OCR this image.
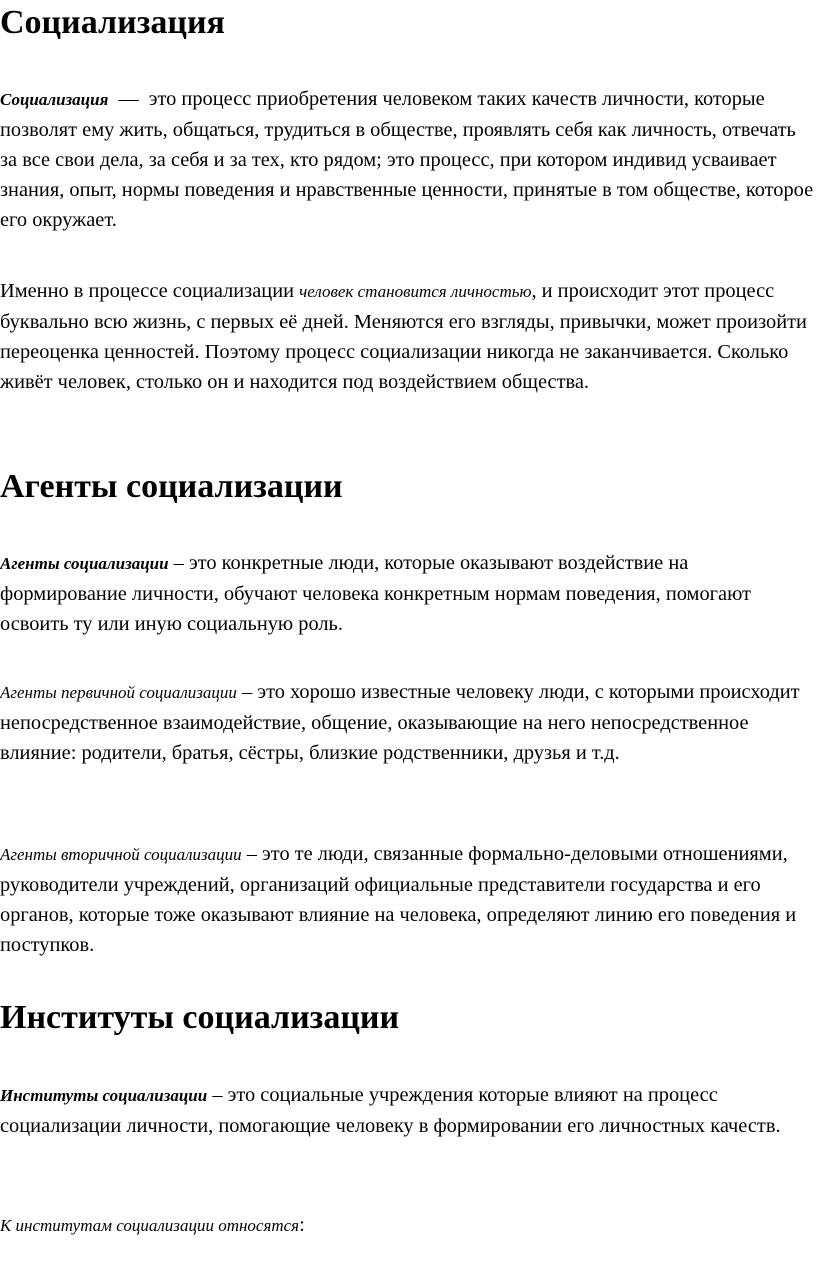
Социализация

Социализация — это процесс приобретения человеком таких качеств личности, которые позволят ему жить, общаться, трудиться в обществе, проявлять себя как личность, отвечать за все свои дела, за себя и за тех, кто рядом; это процесс, при котором индивид усваивает знания, опыт, нормы поведения и нравственные ценности, принятые в том обществе, которое его окружает.

Именно в процессе социализации человек становится личностью, и происходит этот процесс буквально всю жизнь, с первых её дней. Меняются его взгляды, привычки, может произойти переоценка ценностей. Поэтому процесс социализации никогда не заканчивается. Сколько живёт человек, столько он и находится под воздействием общества.

Агенты социализации

Агенты социализации – это конкретные люди, которые оказывают воздействие на формирование личности, обучают человека конкретным нормам поведения, помогают освоить ту или иную социальную роль.

Агенты первичной социализации – это хорошо известные человеку люди, с которыми происходит непосредственное взаимодействие, общение, оказывающие на него непосредственное влияние: родители, братья, сёстры, близкие родственники, друзья и т.д.

Агенты вторичной социализации – это те люди, связанные формально-деловыми отношениями, руководители учреждений, организаций официальные представители государства и его органов, которые тоже оказывают влияние на человека, определяют линию его поведения и поступков.

Институты социализации

Институты социализации – это социальные учреждения которые влияют на процесс социализации личности, помогающие человеку в формировании его личностных качеств.

К институтам социализации относятся:
